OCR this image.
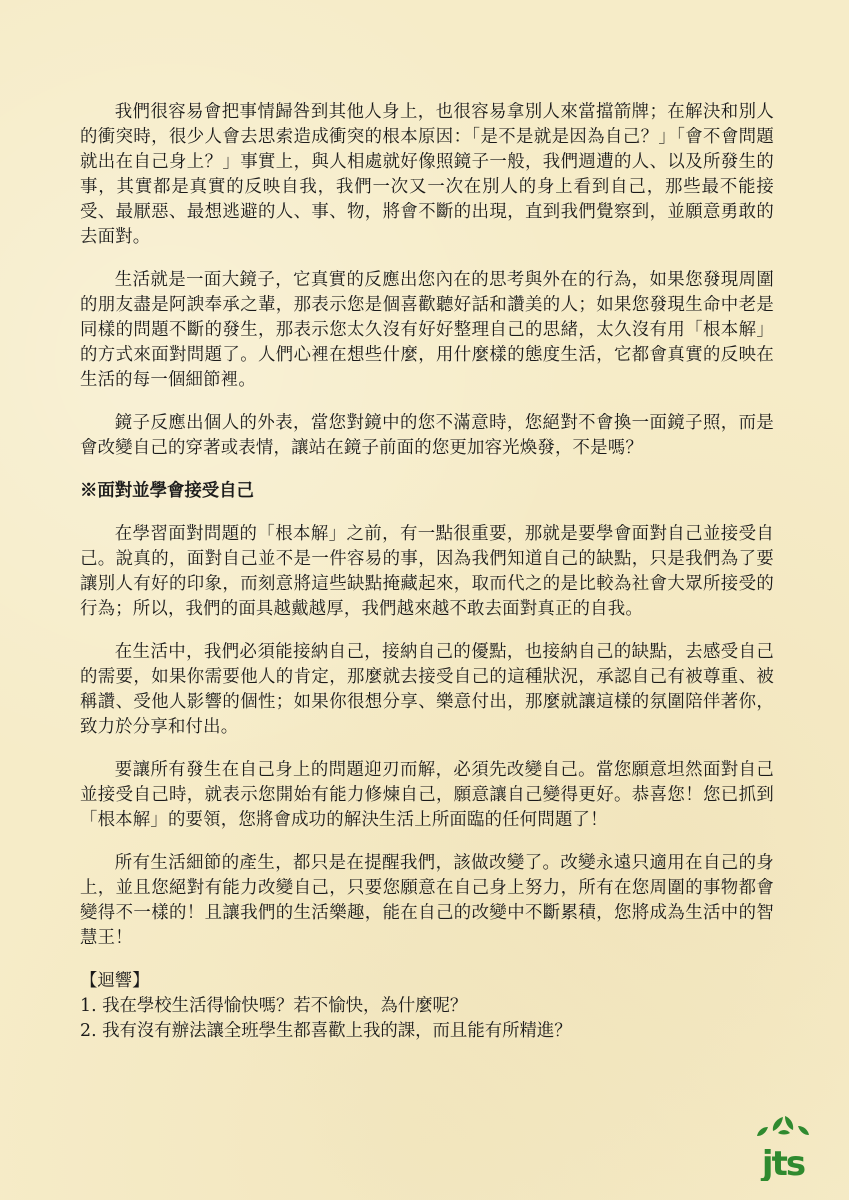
我們很容易會把事情歸咎到其他人身上，也很容易拿別人來當擋箭牌；在解決和別人的衝突時，很少人會去思索造成衝突的根本原因：「是不是就是因為自己？」「會不會問題就出在自己身上？」事實上，與人相處就好像照鏡子一般，我們週遭的人、以及所發生的事，其實都是真實的反映自我，我們一次又一次在別人的身上看到自己，那些最不能接受、最厭惡、最想逃避的人、事、物，將會不斷的出現，直到我們覺察到，並願意勇敢的去面對。

生活就是一面大鏡子，它真實的反應出您內在的思考與外在的行為，如果您發現周圍的朋友盡是阿諛奉承之輩，那表示您是個喜歡聽好話和讚美的人；如果您發現生命中老是同樣的問題不斷的發生，那表示您太久沒有好好整理自己的思緒，太久沒有用「根本解」的方式來面對問題了。人們心裡在想些什麼，用什麼樣的態度生活，它都會真實的反映在生活的每一個細節裡。

鏡子反應出個人的外表，當您對鏡中的您不滿意時，您絕對不會換一面鏡子照，而是會改變自己的穿著或表情，讓站在鏡子前面的您更加容光煥發，不是嗎？

※面對並學會接受自己

在學習面對問題的「根本解」之前，有一點很重要，那就是要學會面對自己並接受自己。說真的，面對自己並不是一件容易的事，因為我們知道自己的缺點，只是我們為了要讓別人有好的印象，而刻意將這些缺點掩藏起來，取而代之的是比較為社會大眾所接受的行為；所以，我們的面具越戴越厚，我們越來越不敢去面對真正的自我。

在生活中，我們必須能接納自己，接納自己的優點，也接納自己的缺點，去感受自己的需要，如果你需要他人的肯定，那麼就去接受自己的這種狀況，承認自己有被尊重、被稱讚、受他人影響的個性；如果你很想分享、樂意付出，那麼就讓這樣的氛圍陪伴著你，致力於分享和付出。

要讓所有發生在自己身上的問題迎刃而解，必須先改變自己。當您願意坦然面對自己並接受自己時，就表示您開始有能力修煉自己，願意讓自己變得更好。恭喜您！您已抓到「根本解」的要領，您將會成功的解決生活上所面臨的任何問題了！

所有生活細節的產生，都只是在提醒我們，該做改變了。改變永遠只適用在自己的身上，並且您絕對有能力改變自己，只要您願意在自己身上努力，所有在您周圍的事物都會變得不一樣的！且讓我們的生活樂趣，能在自己的改變中不斷累積，您將成為生活中的智慧王！

【迴響】

1. 我在學校生活得愉快嗎？若不愉快，為什麼呢？
2. 我有沒有辦法讓全班學生都喜歡上我的課，而且能有所精進？
jts
